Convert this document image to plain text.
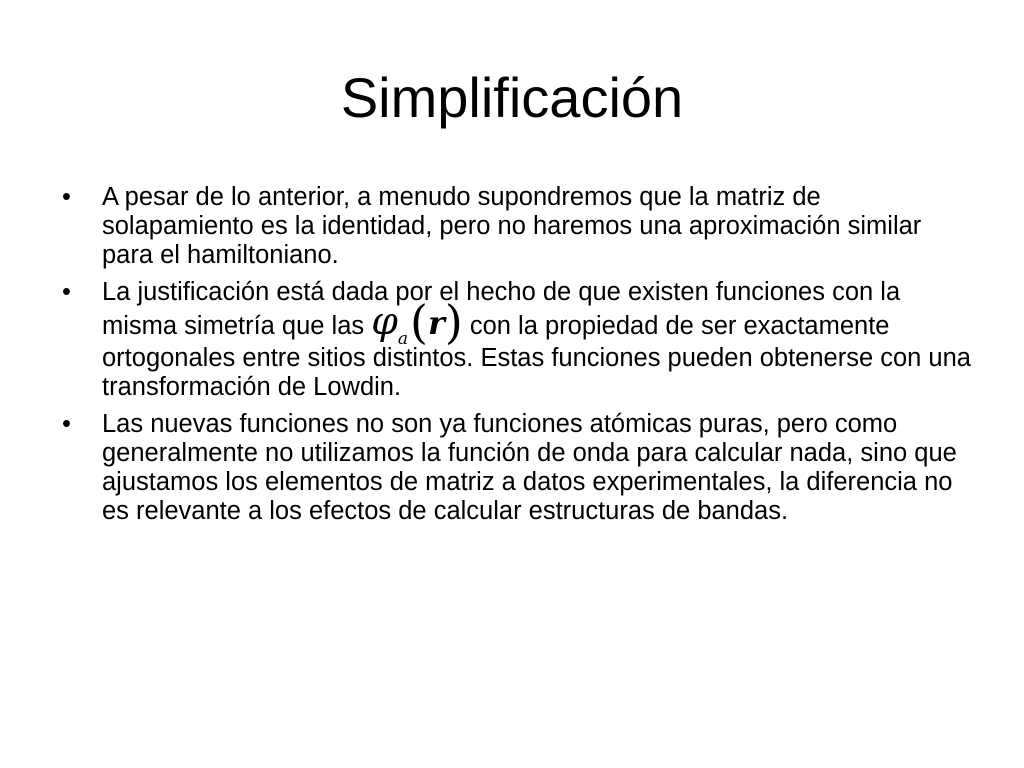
Simplificación
• A pesar de lo anterior, a menudo supondremos que la matriz de solapamiento es la identidad, pero no haremos una aproximación similar para el hamiltoniano.
• La justificación está dada por el hecho de que existen funciones con la misma simetría que las $\varphi_a(r)$ con la propiedad de ser exactamente ortogonales entre sitios distintos. Estas funciones pueden obtenerse con una transformación de Lowdin.
• Las nuevas funciones no son ya funciones atómicas puras, pero como generalmente no utilizamos la función de onda para calcular nada, sino que ajustamos los elementos de matriz a datos experimentales, la diferencia no es relevante a los efectos de calcular estructuras de bandas.
